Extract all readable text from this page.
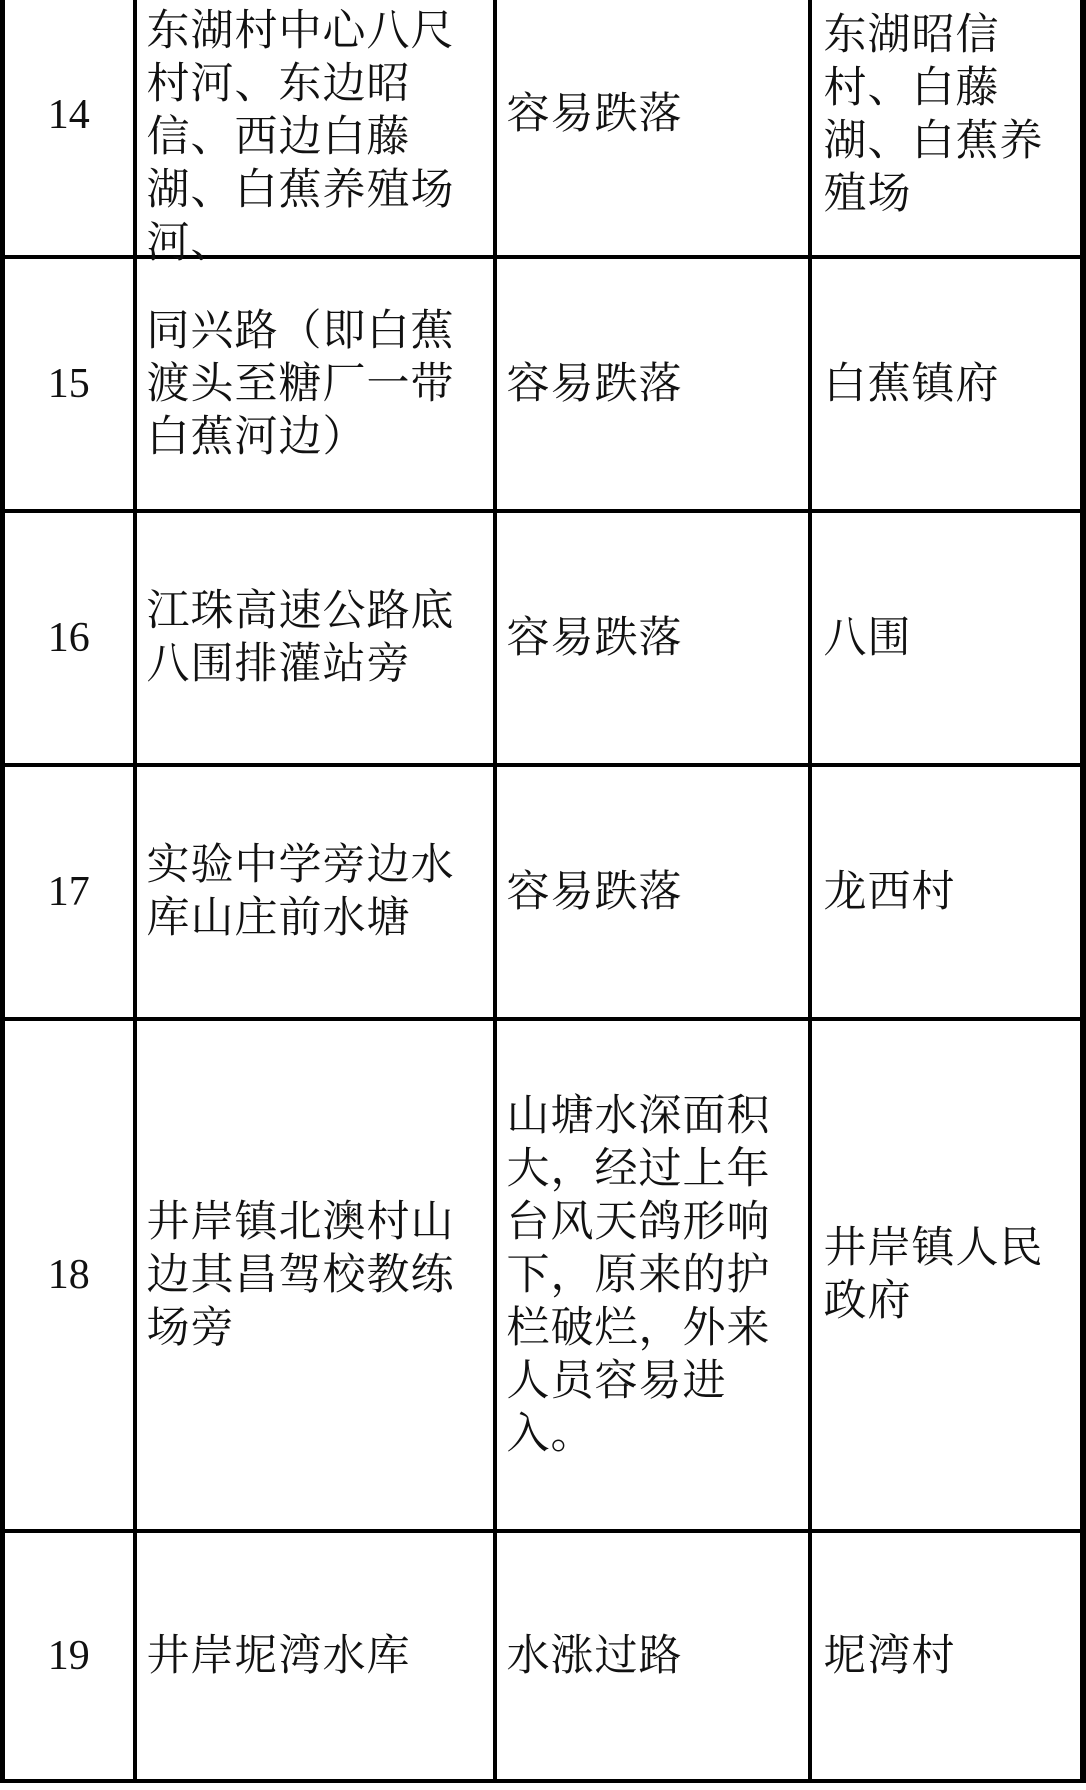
14	东湖村中心八尺村河、东边昭信、西边白藤湖、白蕉养殖场河、	容易跌落	东湖昭信村、白藤湖、白蕉养殖场
15	同兴路（即白蕉渡头至糖厂一带白蕉河边）	容易跌落	白蕉镇府
16	江珠高速公路底八围排灌站旁	容易跌落	八围
17	实验中学旁边水库山庄前水塘	容易跌落	龙西村
18	井岸镇北澳村山边其昌驾校教练场旁	山塘水深面积大，经过上年台风天鸽形响下，原来的护栏破烂，外来人员容易进入。	井岸镇人民政府
19	井岸坭湾水库	水涨过路	坭湾村
